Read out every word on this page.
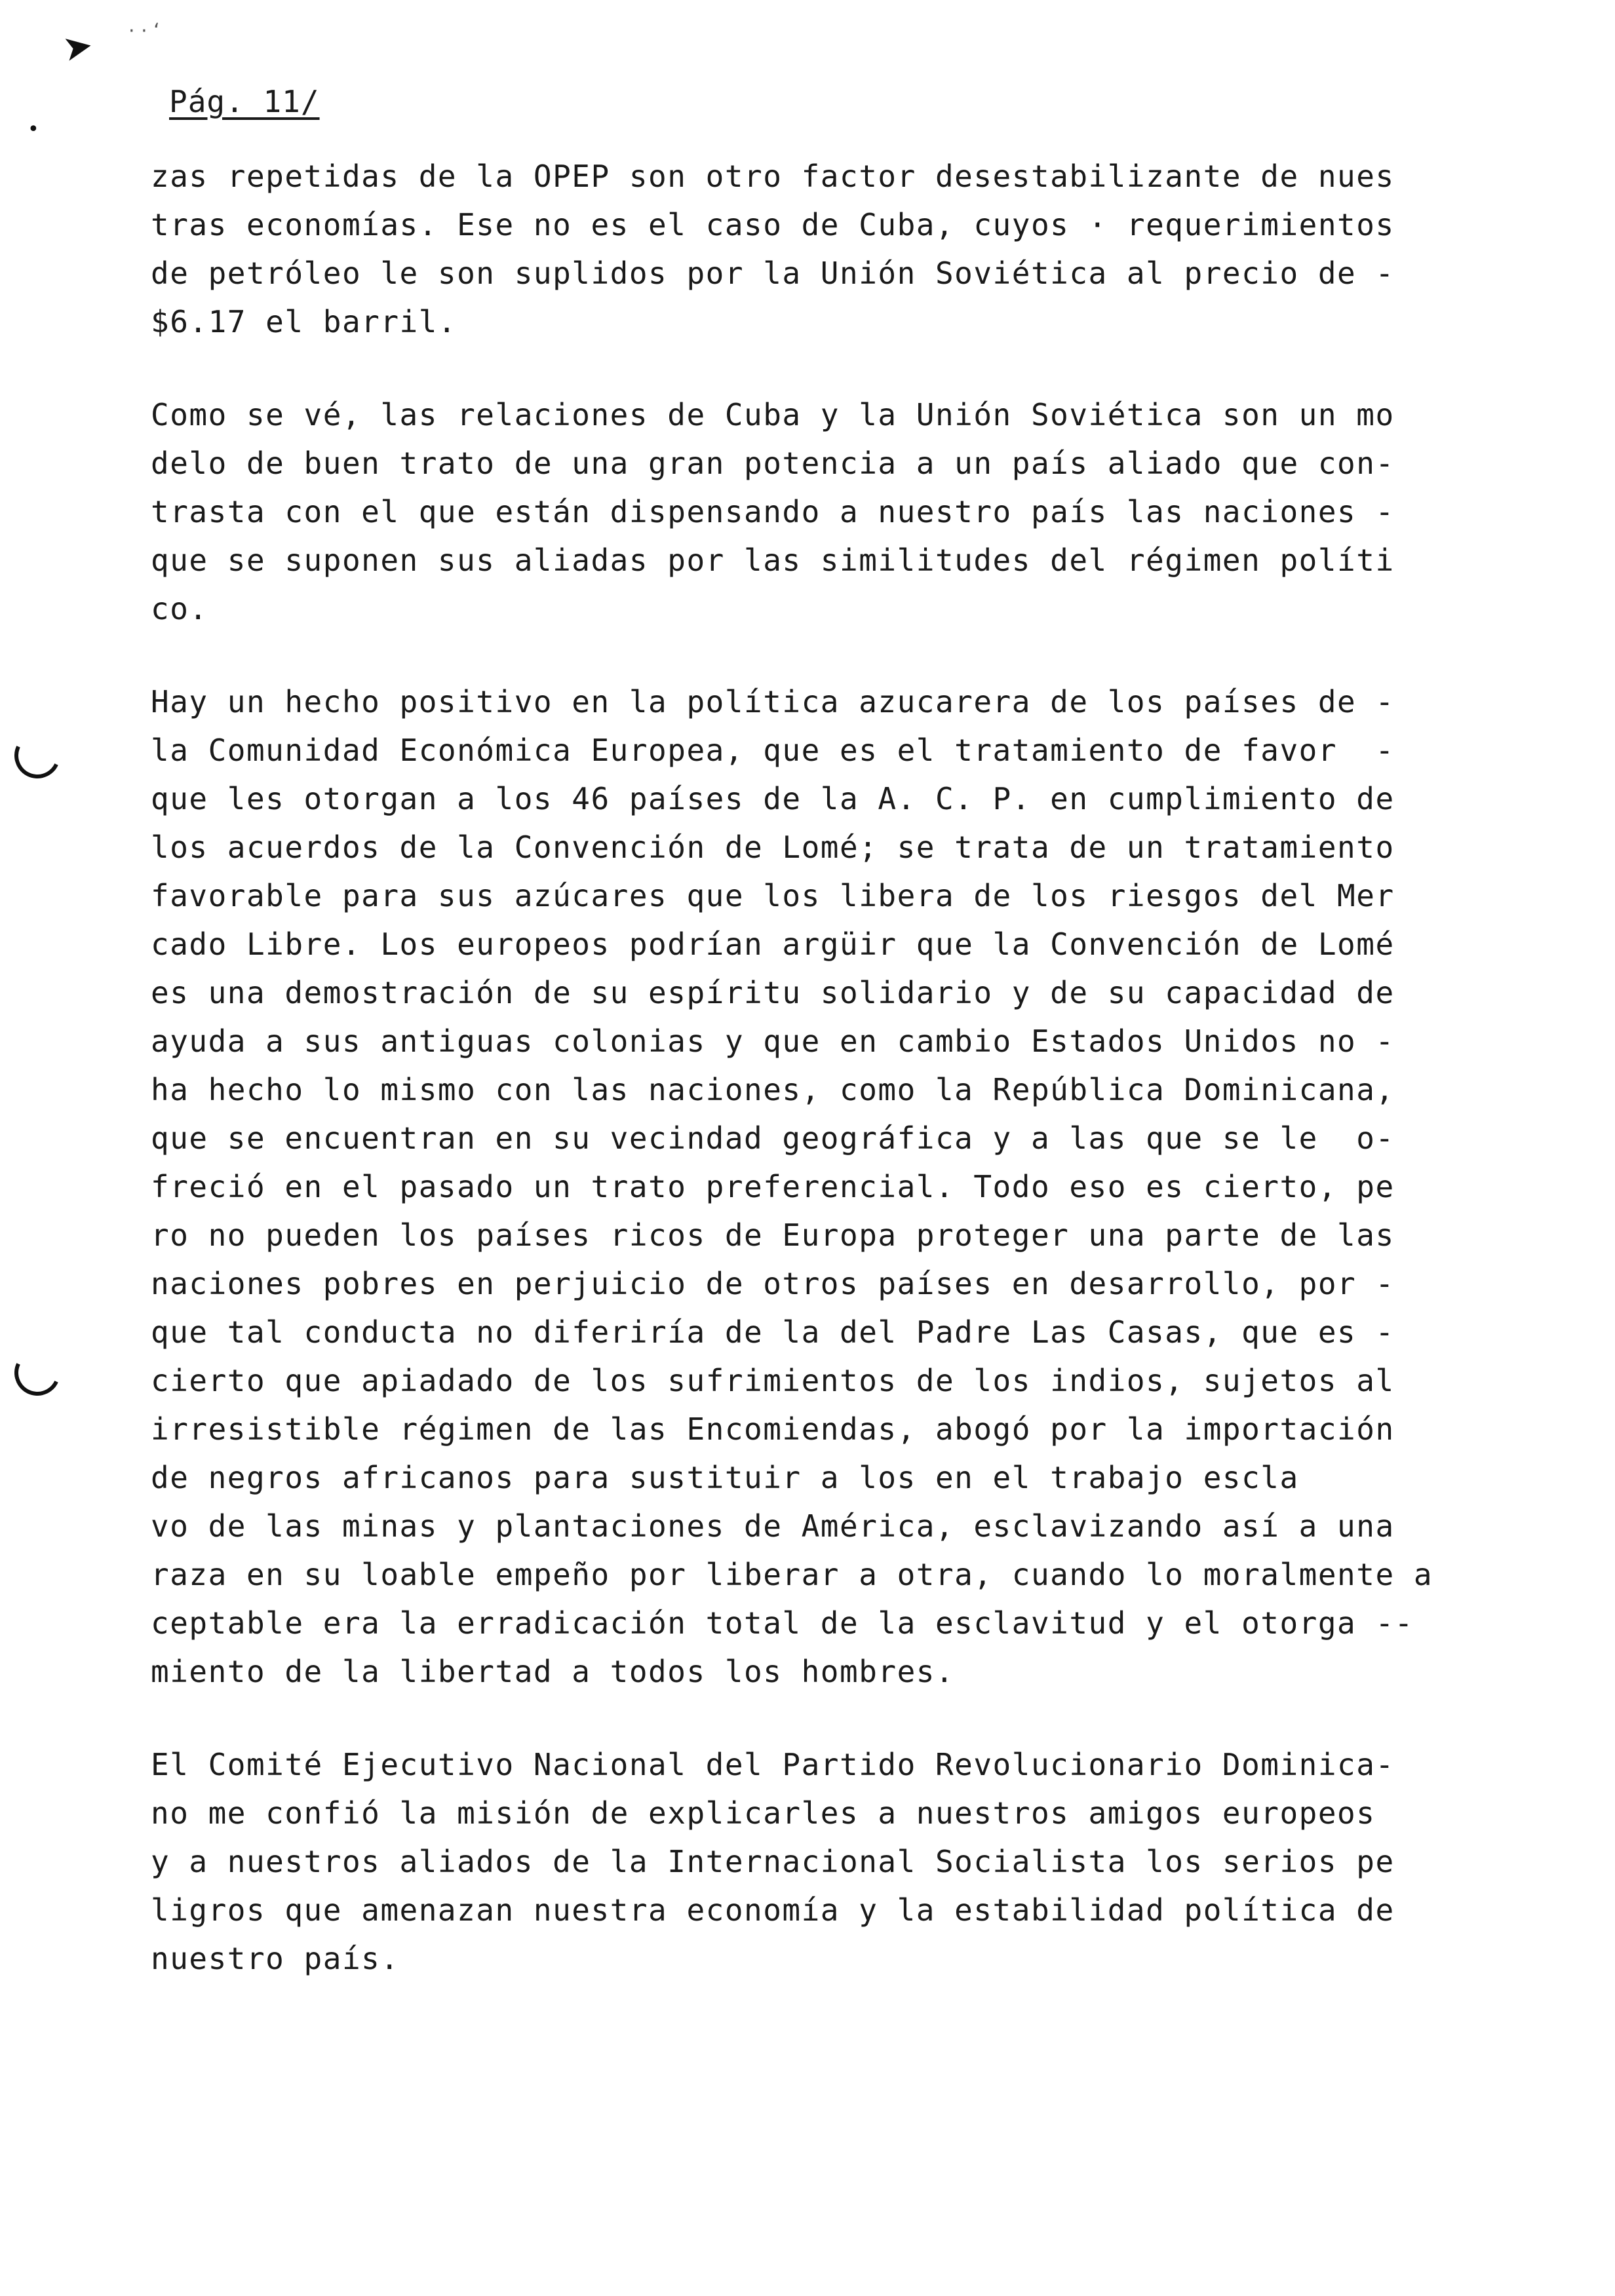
➤ · · ʻ
•
Pág. 11/

zas repetidas de la OPEP son otro factor desestabilizante de nues
tras economías. Ese no es el caso de Cuba, cuyos · requerimientos
de petróleo le son suplidos por la Unión Soviética al precio de -
$6.17 el barril.

Como se vé, las relaciones de Cuba y la Unión Soviética son un mo
delo de buen trato de una gran potencia a un país aliado que con-
trasta con el que están dispensando a nuestro país las naciones -
que se suponen sus aliadas por las similitudes del régimen políti
co.

Hay un hecho positivo en la política azucarera de los países de -
la Comunidad Económica Europea, que es el tratamiento de favor  -
que les otorgan a los 46 países de la A. C. P. en cumplimiento de
los acuerdos de la Convención de Lomé; se trata de un tratamiento
favorable para sus azúcares que los libera de los riesgos del Mer
cado Libre. Los europeos podrían argüir que la Convención de Lomé
es una demostración de su espíritu solidario y de su capacidad de
ayuda a sus antiguas colonias y que en cambio Estados Unidos no -
ha hecho lo mismo con las naciones, como la República Dominicana,
que se encuentran en su vecindad geográfica y a las que se le  o-
freció en el pasado un trato preferencial. Todo eso es cierto, pe
ro no pueden los países ricos de Europa proteger una parte de las
naciones pobres en perjuicio de otros países en desarrollo, por -
que tal conducta no diferiría de la del Padre Las Casas, que es -
cierto que apiadado de los sufrimientos de los indios, sujetos al
irresistible régimen de las Encomiendas, abogó por la importación
de negros africanos para sustituir a los en el trabajo escla
vo de las minas y plantaciones de América, esclavizando así a una
raza en su loable empeño por liberar a otra, cuando lo moralmente a
ceptable era la erradicación total de la esclavitud y el otorga --
miento de la libertad a todos los hombres.

El Comité Ejecutivo Nacional del Partido Revolucionario Dominica-
no me confió la misión de explicarles a nuestros amigos europeos
y a nuestros aliados de la Internacional Socialista los serios pe
ligros que amenazan nuestra economía y la estabilidad política de
nuestro país.
